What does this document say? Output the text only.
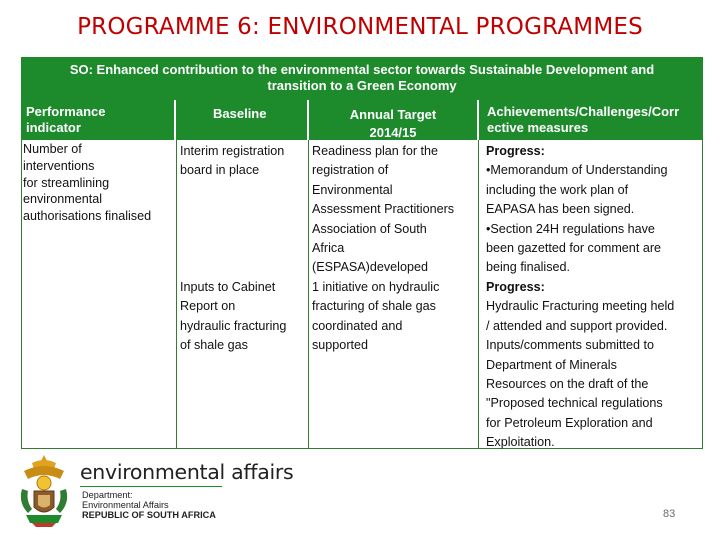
PROGRAMME 6: ENVIRONMENTAL PROGRAMMES
SO: Enhanced contribution to the environmental sector towards Sustainable Development and
transition to a Green Economy
Performance
indicator
Baseline	Annual Target
2014/15
Achievements/Challenges/Corr
ective measures
Number of
interventions
for streamlining
environmental
authorisations finalised
Interim registration
board in place
Readiness plan for the
registration of
Environmental
Assessment Practitioners
Association of South
Africa
(ESPASA)developed
Progress:
•Memorandum of Understanding
including the work plan of
EAPASA has been signed.
•Section 24H regulations have
been gazetted for comment are
being finalised.
Inputs to Cabinet
Report on
hydraulic fracturing
of shale gas
1 initiative on hydraulic
fracturing of shale gas
coordinated and
supported
Progress:
Hydraulic Fracturing meeting held
/ attended and support provided.
Inputs/comments submitted to
Department of Minerals
Resources on the draft of the
"Proposed technical regulations
for Petroleum Exploration and
Exploitation.
environmental affairs
Department:
Environmental Affairs
REPUBLIC OF SOUTH AFRICA	83
